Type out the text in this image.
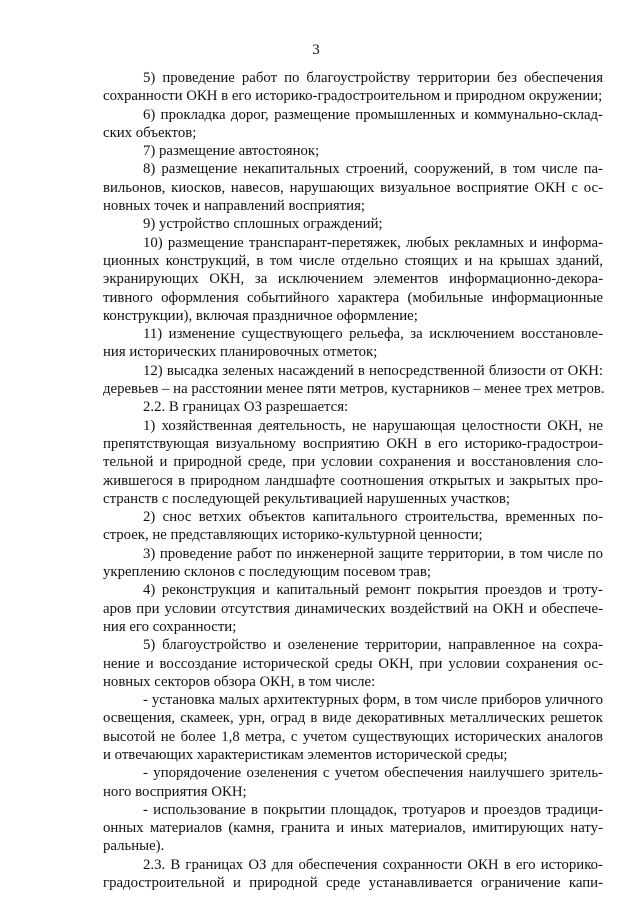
3
5) проведение работ по благоустройству территории без обеспечения
сохранности ОКН в его историко-градостроительном и природном окружении;
6) прокладка дорог, размещение промышленных и коммунально-склад-
ских объектов;
7) размещение автостоянок;
8) размещение некапитальных строений, сооружений, в том числе па-
вильонов, киосков, навесов, нарушающих визуальное восприятие ОКН с ос-
новных точек и направлений восприятия;
9) устройство сплошных ограждений;
10) размещение транспарант-перетяжек, любых рекламных и информа-
ционных конструкций, в том числе отдельно стоящих и на крышах зданий,
экранирующих ОКН, за исключением элементов информационно-декора-
тивного оформления событийного характера (мобильные информационные
конструкции), включая праздничное оформление;
11) изменение существующего рельефа, за исключением восстановле-
ния исторических планировочных отметок;
12) высадка зеленых насаждений в непосредственной близости от ОКН:
деревьев – на расстоянии менее пяти метров, кустарников – менее трех метров.
2.2. В границах ОЗ разрешается:
1) хозяйственная деятельность, не нарушающая целостности ОКН, не
препятствующая визуальному восприятию ОКН в его историко-градострои-
тельной и природной среде, при условии сохранения и восстановления сло-
жившегося в природном ландшафте соотношения открытых и закрытых про-
странств с последующей рекультивацией нарушенных участков;
2) снос ветхих объектов капитального строительства, временных по-
строек, не представляющих историко-культурной ценности;
3) проведение работ по инженерной защите территории, в том числе по
укреплению склонов с последующим посевом трав;
4) реконструкция и капитальный ремонт покрытия проездов и троту-
аров при условии отсутствия динамических воздействий на ОКН и обеспече-
ния его сохранности;
5) благоустройство и озеленение территории, направленное на сохра-
нение и воссоздание исторической среды ОКН, при условии сохранения ос-
новных секторов обзора ОКН, в том числе:
- установка малых архитектурных форм, в том числе приборов уличного
освещения, скамеек, урн, оград в виде декоративных металлических решеток
высотой не более 1,8 метра, с учетом существующих исторических аналогов
и отвечающих характеристикам элементов исторической среды;
- упорядочение озеленения с учетом обеспечения наилучшего зритель-
ного восприятия ОКН;
- использование в покрытии площадок, тротуаров и проездов традици-
онных материалов (камня, гранита и иных материалов, имитирующих нату-
ральные).
2.3. В границах ОЗ для обеспечения сохранности ОКН в его историко-
градостроительной и природной среде устанавливается ограничение капи-
